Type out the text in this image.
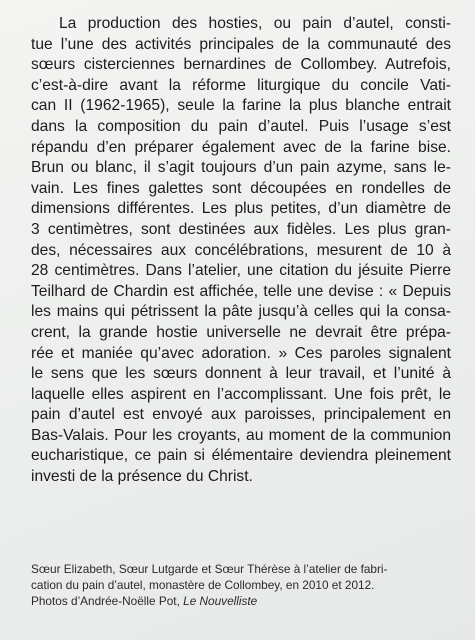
La production des hosties, ou pain d’autel, consti-
tue l’une des activités principales de la communauté des
sœurs cisterciennes bernardines de Collombey. Autrefois,
c’est-à-dire avant la réforme liturgique du concile Vati-
can II (1962-1965), seule la farine la plus blanche entrait
dans la composition du pain d’autel. Puis l’usage s’est
répandu d’en préparer également avec de la farine bise.
Brun ou blanc, il s’agit toujours d’un pain azyme, sans le-
vain. Les fines galettes sont découpées en rondelles de
dimensions différentes. Les plus petites, d’un diamètre de
3 centimètres, sont destinées aux fidèles. Les plus gran-
des, nécessaires aux concélébrations, mesurent de 10 à
28 centimètres. Dans l’atelier, une citation du jésuite Pierre
Teilhard de Chardin est affichée, telle une devise : « Depuis
les mains qui pétrissent la pâte jusqu’à celles qui la consa-
crent, la grande hostie universelle ne devrait être prépa-
rée et maniée qu’avec adoration. » Ces paroles signalent
le sens que les sœurs donnent à leur travail, et l’unité à
laquelle elles aspirent en l’accomplissant. Une fois prêt, le
pain d’autel est envoyé aux paroisses, principalement en
Bas-Valais. Pour les croyants, au moment de la communion
eucharistique, ce pain si élémentaire deviendra pleinement
investi de la présence du Christ.
Sœur Elizabeth, Sœur Lutgarde et Sœur Thérèse à l’atelier de fabri-
cation du pain d’autel, monastère de Collombey, en 2010 et 2012.
Photos d’Andrée-Noëlle Pot, Le Nouvelliste
